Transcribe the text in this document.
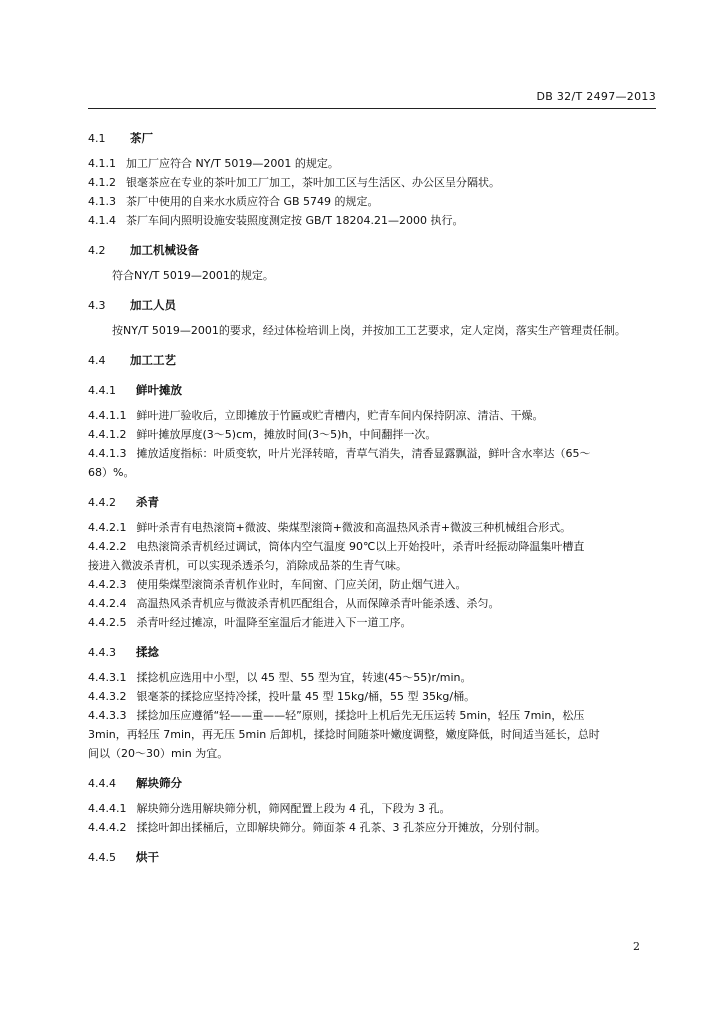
DB 32/T 2497—2013
4.1	茶厂
4.1.1 加工厂应符合 NY/T 5019—2001 的规定。
4.1.2 银毫茶应在专业的茶叶加工厂加工，茶叶加工区与生活区、办公区呈分隔状。
4.1.3 茶厂中使用的自来水水质应符合 GB 5749 的规定。
4.1.4 茶厂车间内照明设施安装照度测定按 GB/T 18204.21—2000 执行。
4.2	加工机械设备
符合NY/T 5019—2001的规定。
4.3	加工人员
按NY/T 5019—2001的要求，经过体检培训上岗，并按加工工艺要求，定人定岗，落实生产管理责任制。
4.4	加工工艺
4.4.1	鲜叶摊放
4.4.1.1 鲜叶进厂验收后，立即摊放于竹匾或贮青槽内，贮青车间内保持阴凉、清洁、干燥。
4.4.1.2 鲜叶摊放厚度(3～5)cm，摊放时间(3～5)h，中间翻拌一次。
4.4.1.3 摊放适度指标：叶质变软，叶片光泽转暗，青草气消失，清香显露飘溢，鲜叶含水率达（65～
68）%。
4.4.2	杀青
4.4.2.1 鲜叶杀青有电热滚筒+微波、柴煤型滚筒+微波和高温热风杀青+微波三种机械组合形式。
4.4.2.2 电热滚筒杀青机经过调试，筒体内空气温度 90℃以上开始投叶，杀青叶经振动降温集叶槽直
接进入微波杀青机，可以实现杀透杀匀，消除成品茶的生青气味。
4.4.2.3 使用柴煤型滚筒杀青机作业时，车间窗、门应关闭，防止烟气进入。
4.4.2.4 高温热风杀青机应与微波杀青机匹配组合，从而保障杀青叶能杀透、杀匀。
4.4.2.5 杀青叶经过摊凉，叶温降至室温后才能进入下一道工序。
4.4.3	揉捻
4.4.3.1 揉捻机应选用中小型，以 45 型、55 型为宜，转速(45～55)r/min。
4.4.3.2 银毫茶的揉捻应坚持冷揉，投叶量 45 型 15kg/桶，55 型 35kg/桶。
4.4.3.3 揉捻加压应遵循“轻——重——轻”原则，揉捻叶上机后先无压运转 5min，轻压 7min，松压
3min，再轻压 7min，再无压 5min 后卸机，揉捻时间随茶叶嫩度调整，嫩度降低，时间适当延长，总时
间以（20～30）min 为宜。
4.4.4	解块筛分
4.4.4.1 解块筛分选用解块筛分机，筛网配置上段为 4 孔，下段为 3 孔。
4.4.4.2 揉捻叶卸出揉桶后，立即解块筛分。筛面茶 4 孔茶、3 孔茶应分开摊放，分别付制。
4.4.5	烘干
2
